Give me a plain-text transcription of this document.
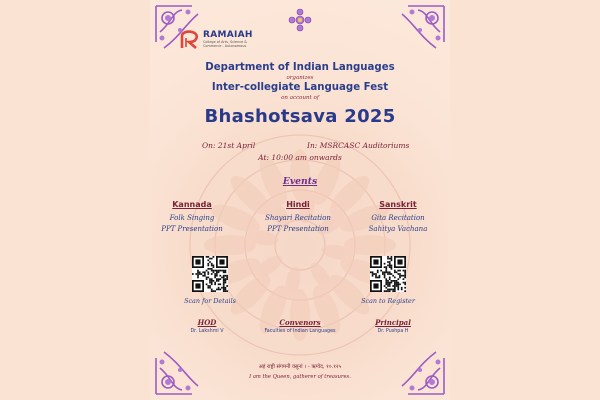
RAMAIAH
College of Arts, Science & Commerce - Autonomous
Department of Indian Languages
organizes
Inter-collegiate Language Fest
on account of
Bhashotsava 2025
On: 21st April	In: MSRCASC Auditoriums
At: 10:00 am onwards
Events
Kannada
Folk Singing
PPT Presentation
Hindi
Shayari Recitation
PPT Presentation
Sanskrit
Gita Recitation
Sahitya Vachana
Scan for Details	Scan to Register
HOD
Dr. Lakshmi V
Convenors
Faculties of Indian Languages
Principal
Dr. Pushpa H
अहं राष्ट्री संगमनी वसूनां । - ऋग्वेद, १०.१२५
I am the Queen, gatherer of treasures.
